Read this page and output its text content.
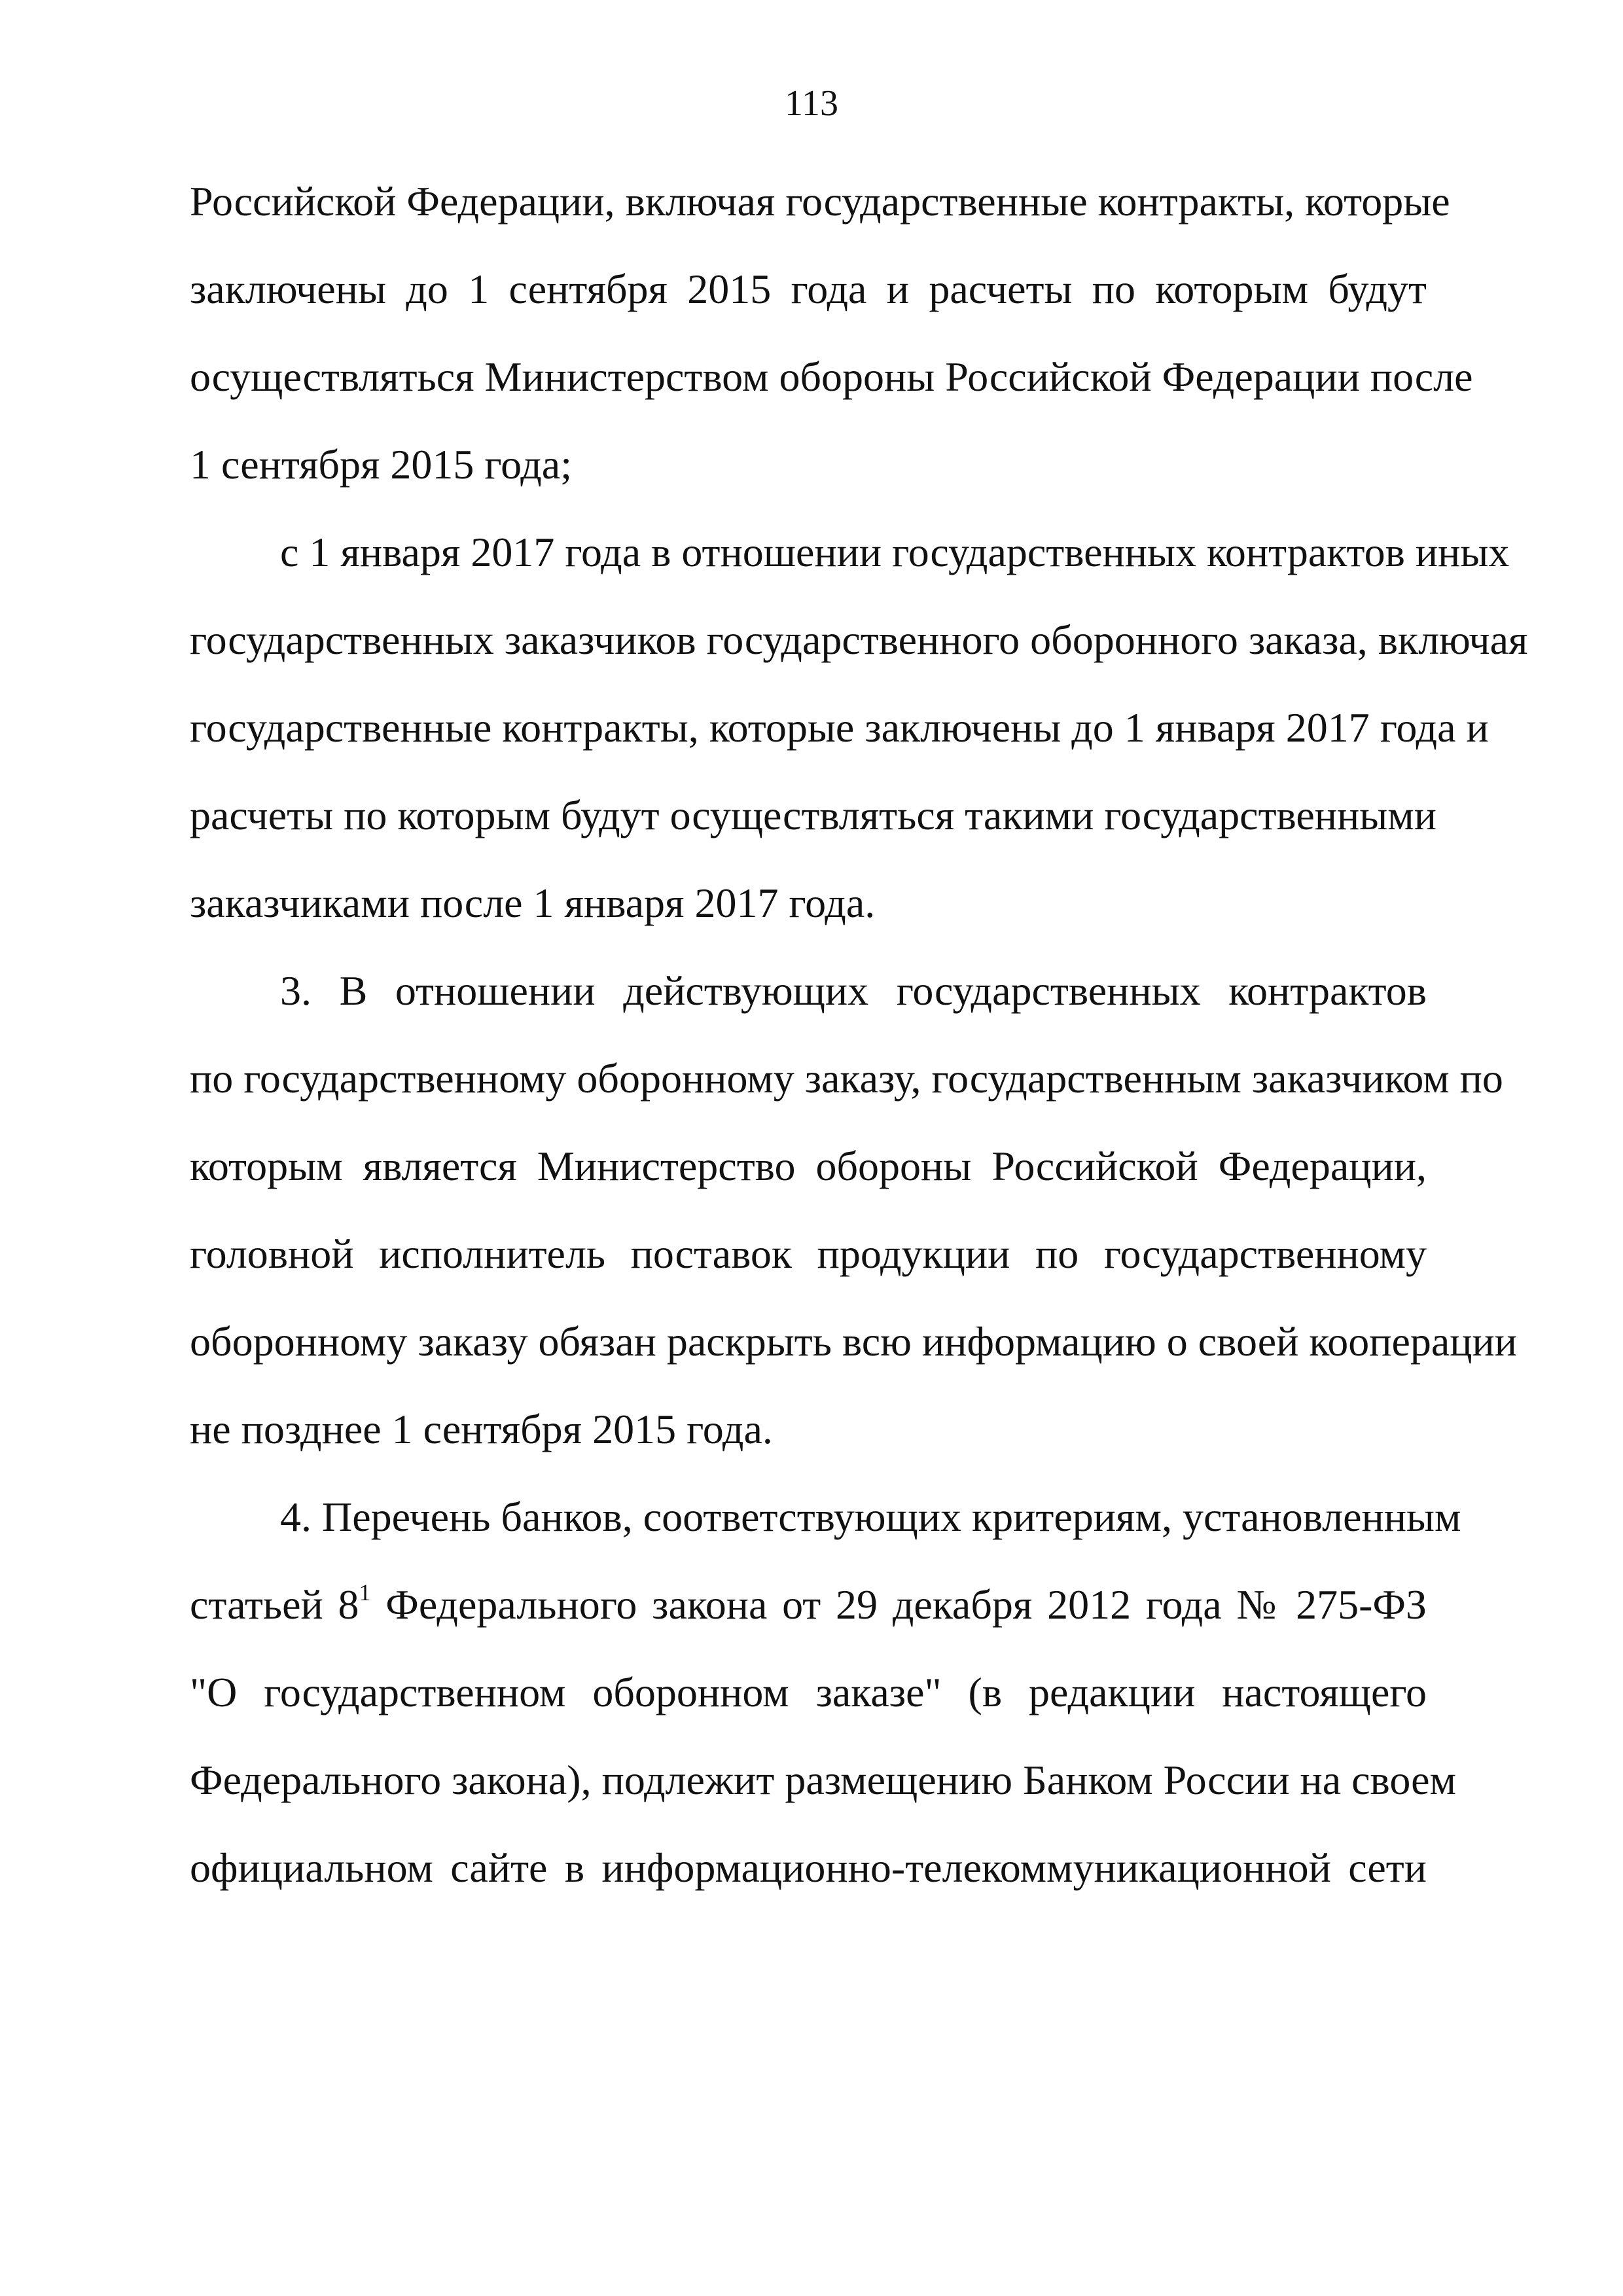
113
Российской Федерации, включая государственные контракты, которые
заключены до 1 сентября 2015 года и расчеты по которым будут
осуществляться Министерством обороны Российской Федерации после
1 сентября 2015 года;
с 1 января 2017 года в отношении государственных контрактов иных
государственных заказчиков государственного оборонного заказа, включая
государственные контракты, которые заключены до 1 января 2017 года и
расчеты по которым будут осуществляться такими государственными
заказчиками после 1 января 2017 года.
3. В отношении действующих государственных контрактов
по государственному оборонному заказу, государственным заказчиком по
которым является Министерство обороны Российской Федерации,
головной исполнитель поставок продукции по государственному
оборонному заказу обязан раскрыть всю информацию о своей кооперации
не позднее 1 сентября 2015 года.
4. Перечень банков, соответствующих критериям, установленным
статьей 8$^1$ Федерального закона от 29 декабря 2012 года № 275-ФЗ
"О государственном оборонном заказе" (в редакции настоящего
Федерального закона), подлежит размещению Банком России на своем
официальном сайте в информационно-телекоммуникационной сети
